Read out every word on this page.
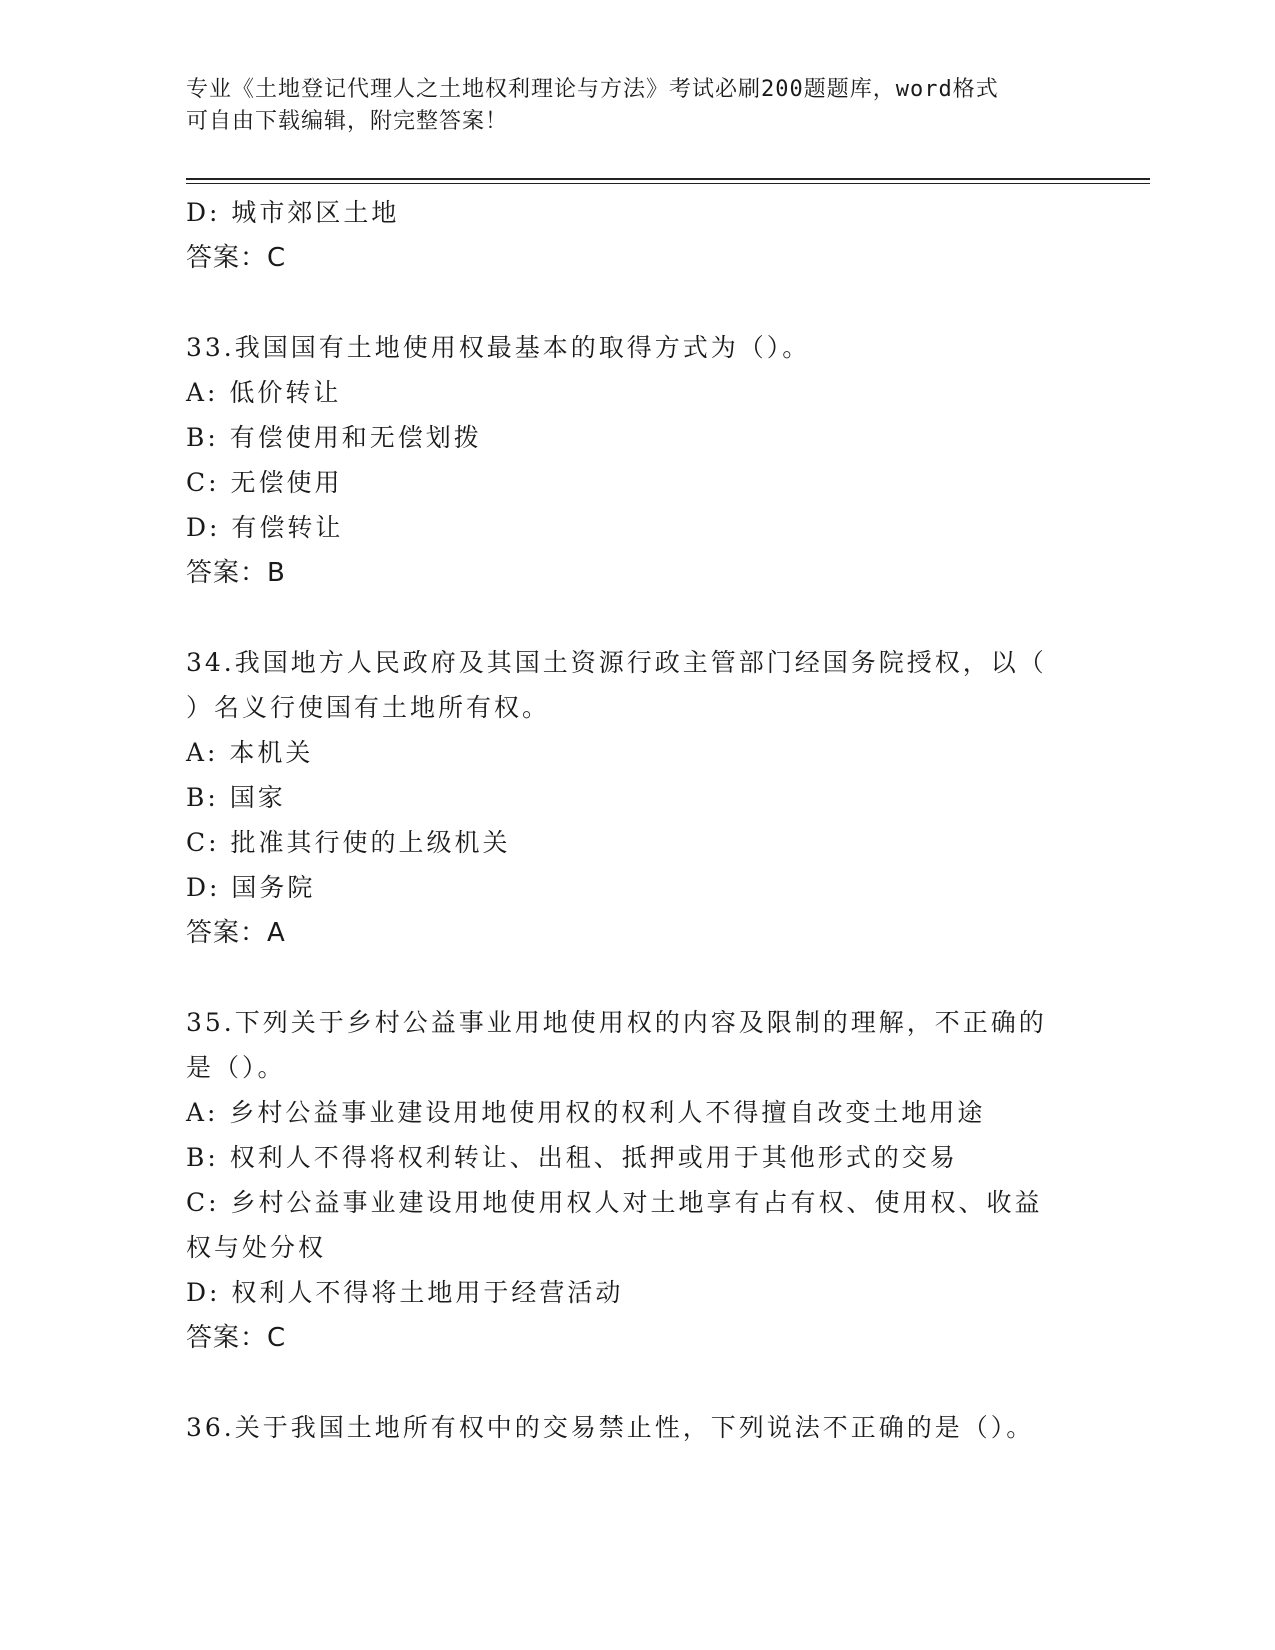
专业《土地登记代理人之土地权利理论与方法》考试必刷200题题库，word格式
可自由下载编辑，附完整答案！
D: 城市郊区土地
答案：C
33.我国国有土地使用权最基本的取得方式为（）。
A: 低价转让
B: 有偿使用和无偿划拨
C: 无偿使用
D: 有偿转让
答案：B
34.我国地方人民政府及其国土资源行政主管部门经国务院授权，以（
）名义行使国有土地所有权。
A: 本机关
B: 国家
C: 批准其行使的上级机关
D: 国务院
答案：A
35.下列关于乡村公益事业用地使用权的内容及限制的理解，不正确的
是（）。
A: 乡村公益事业建设用地使用权的权利人不得擅自改变土地用途
B: 权利人不得将权利转让、出租、抵押或用于其他形式的交易
C: 乡村公益事业建设用地使用权人对土地享有占有权、使用权、收益
权与处分权
D: 权利人不得将土地用于经营活动
答案：C
36.关于我国土地所有权中的交易禁止性，下列说法不正确的是（）。
